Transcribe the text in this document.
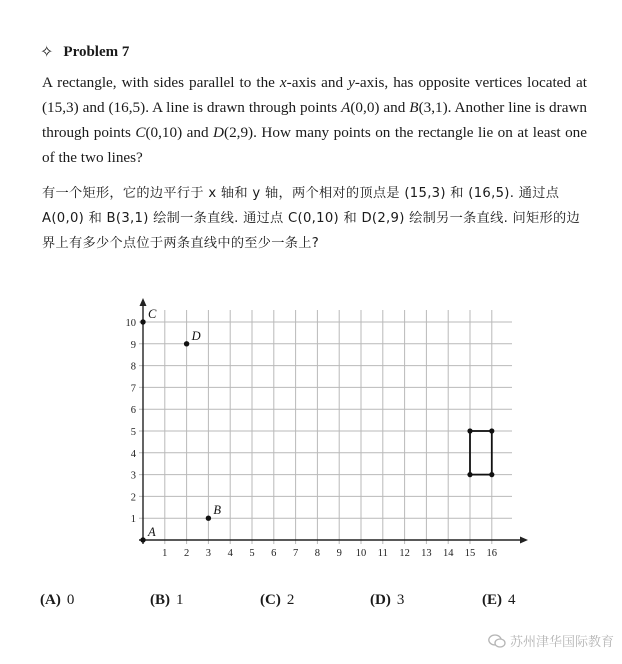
✧ Problem 7
A rectangle, with sides parallel to the x-axis and y-axis, has opposite vertices located at (15,3) and (16,5). A line is drawn through points A(0,0) and B(3,1). Another line is drawn through points C(0,10) and D(2,9). How many points on the rectangle lie on at least one of the two lines?
有一个矩形，它的边平行于 x 轴和 y 轴，两个相对的顶点是 (15,3) 和 (16,5). 通过点 A(0,0) 和 B(3,1) 绘制一条直线. 通过点 C(0,10) 和 D(2,9) 绘制另一条直线. 问矩形的边界上有多少个点位于两条直线中的至少一条上?
1 2 3 4 5 6 7 8 9 10 11 12 13 14 15 16
1
2
3
4
5
6
7
8
9
10
A
B
C
D
(A) 0	(B) 1	(C) 2	(D) 3	(E) 4
苏州津华国际教育
